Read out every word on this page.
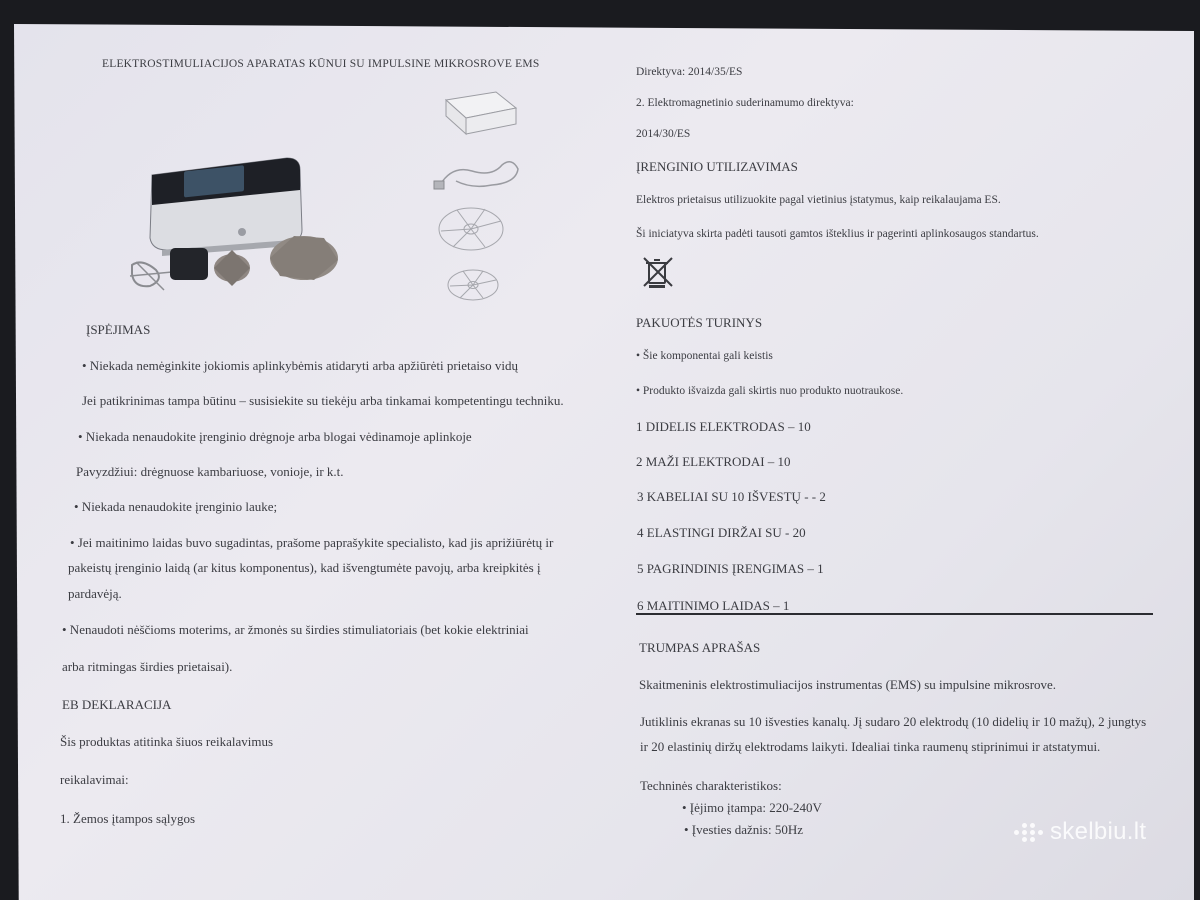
ELEKTROSTIMULIACIJOS APARATAS KŪNUI SU IMPULSINE MIKROSROVE EMS
ĮSPĖJIMAS
• Niekada nemėginkite jokiomis aplinkybėmis atidaryti arba apžiūrėti prietaiso vidų
Jei patikrinimas tampa būtinu – susisiekite su tiekėju arba tinkamai kompetentingu techniku.
• Niekada nenaudokite įrenginio drėgnoje arba blogai vėdinamoje aplinkoje
Pavyzdžiui: drėgnuose kambariuose, vonioje, ir k.t.
• Niekada nenaudokite įrenginio lauke;
• Jei maitinimo laidas buvo sugadintas, prašome paprašykite specialisto, kad jis aprižiūrėtų ir
pakeistų įrenginio laidą (ar kitus komponentus), kad išvengtumėte pavojų, arba kreipkitės į
pardavėją.
• Nenaudoti nėščioms moterims, ar žmonės su širdies stimuliatoriais (bet kokie elektriniai
arba ritmingas širdies prietaisai).
EB DEKLARACIJA
Šis produktas atitinka šiuos reikalavimus
reikalavimai:
1. Žemos įtampos sąlygos
Direktyva: 2014/35/ES
2. Elektromagnetinio suderinamumo direktyva:
2014/30/ES
ĮRENGINIO UTILIZAVIMAS
Elektros prietaisus utilizuokite pagal vietinius įstatymus, kaip reikalaujama ES.
Ši iniciatyva skirta padėti tausoti gamtos išteklius ir pagerinti aplinkosaugos standartus.
PAKUOTĖS TURINYS
• Šie komponentai gali keistis
• Produkto išvaizda gali skirtis nuo produkto nuotraukose.
1 DIDELIS ELEKTRODAS – 10
2 MAŽI ELEKTRODAI – 10
3 KABELIAI SU 10 IŠVESTŲ - - 2
4 ELASTINGI DIRŽAI SU - 20
5 PAGRINDINIS ĮRENGIMAS – 1
6 MAITINIMO LAIDAS – 1
TRUMPAS APRAŠAS
Skaitmeninis elektrostimuliacijos instrumentas (EMS) su impulsine mikrosrove.
Jutiklinis ekranas su 10 išvesties kanalų. Jį sudaro 20 elektrodų (10 didelių ir 10 mažų), 2 jungtys
ir 20 elastinių diržų elektrodams laikyti. Idealiai tinka raumenų stiprinimui ir atstatymui.
Techninės charakteristikos:
• Įėjimo įtampa: 220-240V
• Įvesties dažnis: 50Hz	skelbiu.lt
